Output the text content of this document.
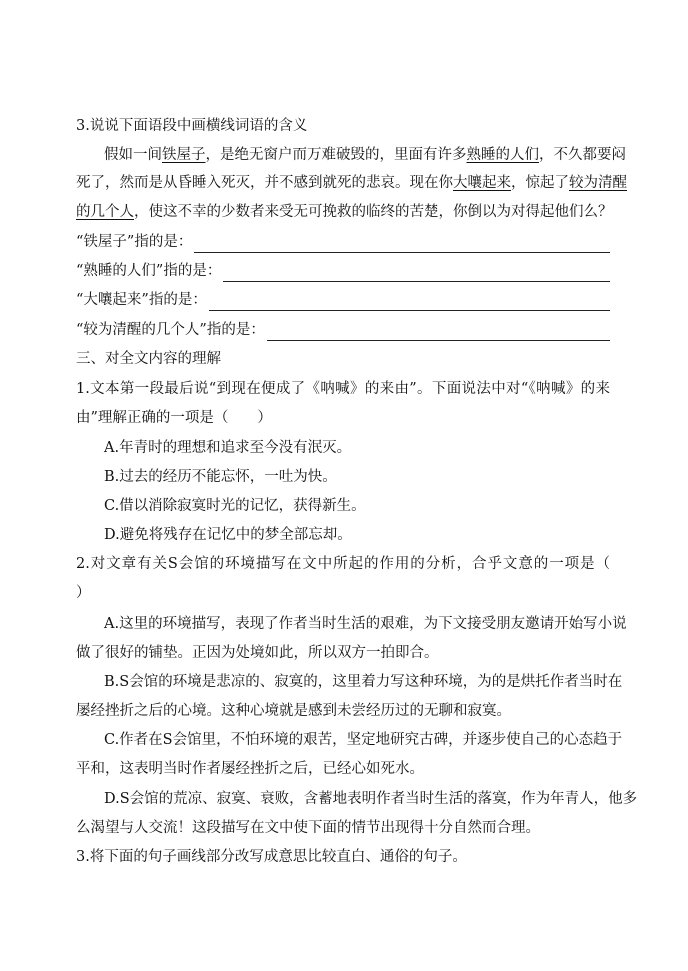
3.说说下面语段中画横线词语的含义
假如一间铁屋子，是绝无窗户而万难破毁的，里面有许多熟睡的人们，不久都要闷
死了，然而是从昏睡入死灭，并不感到就死的悲哀。现在你大嚷起来，惊起了较为清醒
的几个人，使这不幸的少数者来受无可挽救的临终的苦楚，你倒以为对得起他们么？
“铁屋子”指的是：
“熟睡的人们”指的是：
“大嚷起来”指的是：
“较为清醒的几个人”指的是：
三、对全文内容的理解
1.文本第一段最后说“到现在便成了《呐喊》的来由”。下面说法中对“《呐喊》的来
由”理解正确的一项是（　　）
A.年青时的理想和追求至今没有泯灭。
B.过去的经历不能忘怀，一吐为快。
C.借以消除寂寞时光的记忆，获得新生。
D.避免将残存在记忆中的梦全部忘却。
2.对文章有关S会馆的环境描写在文中所起的作用的分析，合乎文意的一项是（
）
A.这里的环境描写，表现了作者当时生活的艰难，为下文接受朋友邀请开始写小说
做了很好的铺垫。正因为处境如此，所以双方一拍即合。
B.S会馆的环境是悲凉的、寂寞的，这里着力写这种环境，为的是烘托作者当时在
屡经挫折之后的心境。这种心境就是感到未尝经历过的无聊和寂寞。
C.作者在S会馆里，不怕环境的艰苦，坚定地研究古碑，并逐步使自己的心态趋于
平和，这表明当时作者屡经挫折之后，已经心如死水。
D.S会馆的荒凉、寂寞、衰败，含蓄地表明作者当时生活的落寞，作为年青人，他多
么渴望与人交流！这段描写在文中使下面的情节出现得十分自然而合理。
3.将下面的句子画线部分改写成意思比较直白、通俗的句子。
